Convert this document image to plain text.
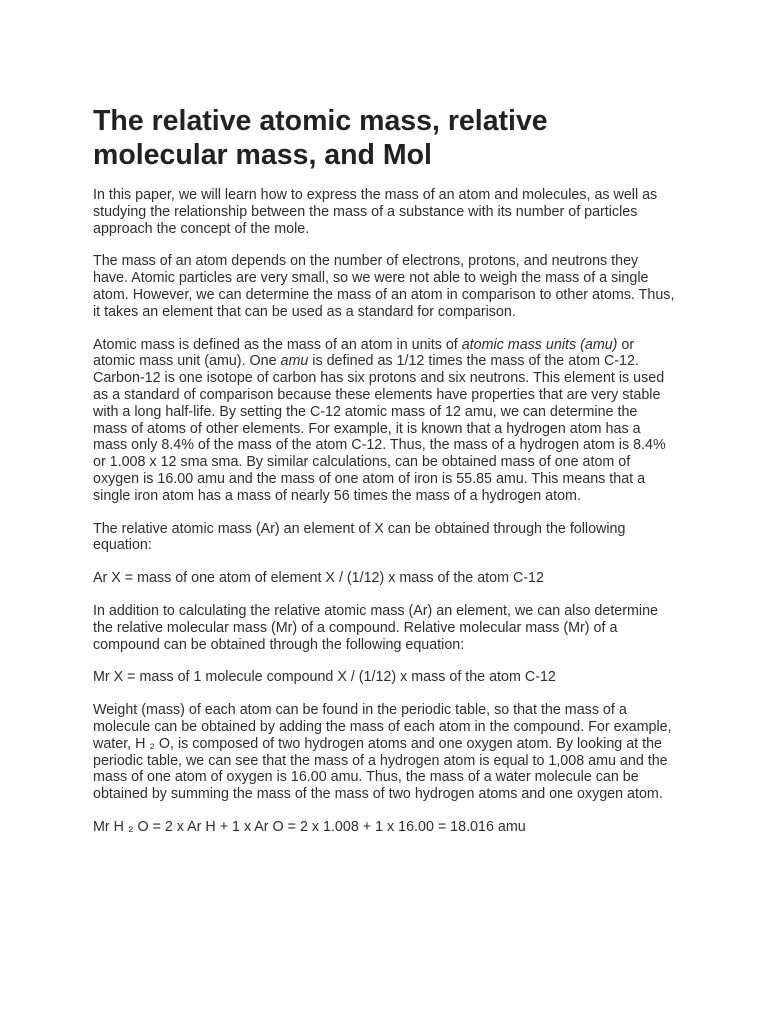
The relative atomic mass, relative molecular mass, and Mol

In this paper, we will learn how to express the mass of an atom and molecules, as well as studying the relationship between the mass of a substance with its number of particles approach the concept of the mole.

The mass of an atom depends on the number of electrons, protons, and neutrons they have. Atomic particles are very small, so we were not able to weigh the mass of a single atom. However, we can determine the mass of an atom in comparison to other atoms. Thus, it takes an element that can be used as a standard for comparison.

Atomic mass is defined as the mass of an atom in units of atomic mass units (amu) or atomic mass unit (amu). One amu is defined as 1/12 times the mass of the atom C-12. Carbon-12 is one isotope of carbon has six protons and six neutrons. This element is used as a standard of comparison because these elements have properties that are very stable with a long half-life. By setting the C-12 atomic mass of 12 amu, we can determine the mass of atoms of other elements. For example, it is known that a hydrogen atom has a mass only 8.4% of the mass of the atom C-12. Thus, the mass of a hydrogen atom is 8.4% or 1.008 x 12 sma sma. By similar calculations, can be obtained mass of one atom of oxygen is 16.00 amu and the mass of one atom of iron is 55.85 amu. This means that a single iron atom has a mass of nearly 56 times the mass of a hydrogen atom.

The relative atomic mass (Ar) an element of X can be obtained through the following equation:

Ar X = mass of one atom of element X / (1/12) x mass of the atom C-12

In addition to calculating the relative atomic mass (Ar) an element, we can also determine the relative molecular mass (Mr) of a compound. Relative molecular mass (Mr) of a compound can be obtained through the following equation:

Mr X = mass of 1 molecule compound X / (1/12) x mass of the atom C-12

Weight (mass) of each atom can be found in the periodic table, so that the mass of a molecule can be obtained by adding the mass of each atom in the compound. For example, water, H ₂ O, is composed of two hydrogen atoms and one oxygen atom. By looking at the periodic table, we can see that the mass of a hydrogen atom is equal to 1,008 amu and the mass of one atom of oxygen is 16.00 amu. Thus, the mass of a water molecule can be obtained by summing the mass of the mass of two hydrogen atoms and one oxygen atom.

Mr H ₂ O = 2 x Ar H + 1 x Ar O = 2 x 1.008 + 1 x 16.00 = 18.016 amu
